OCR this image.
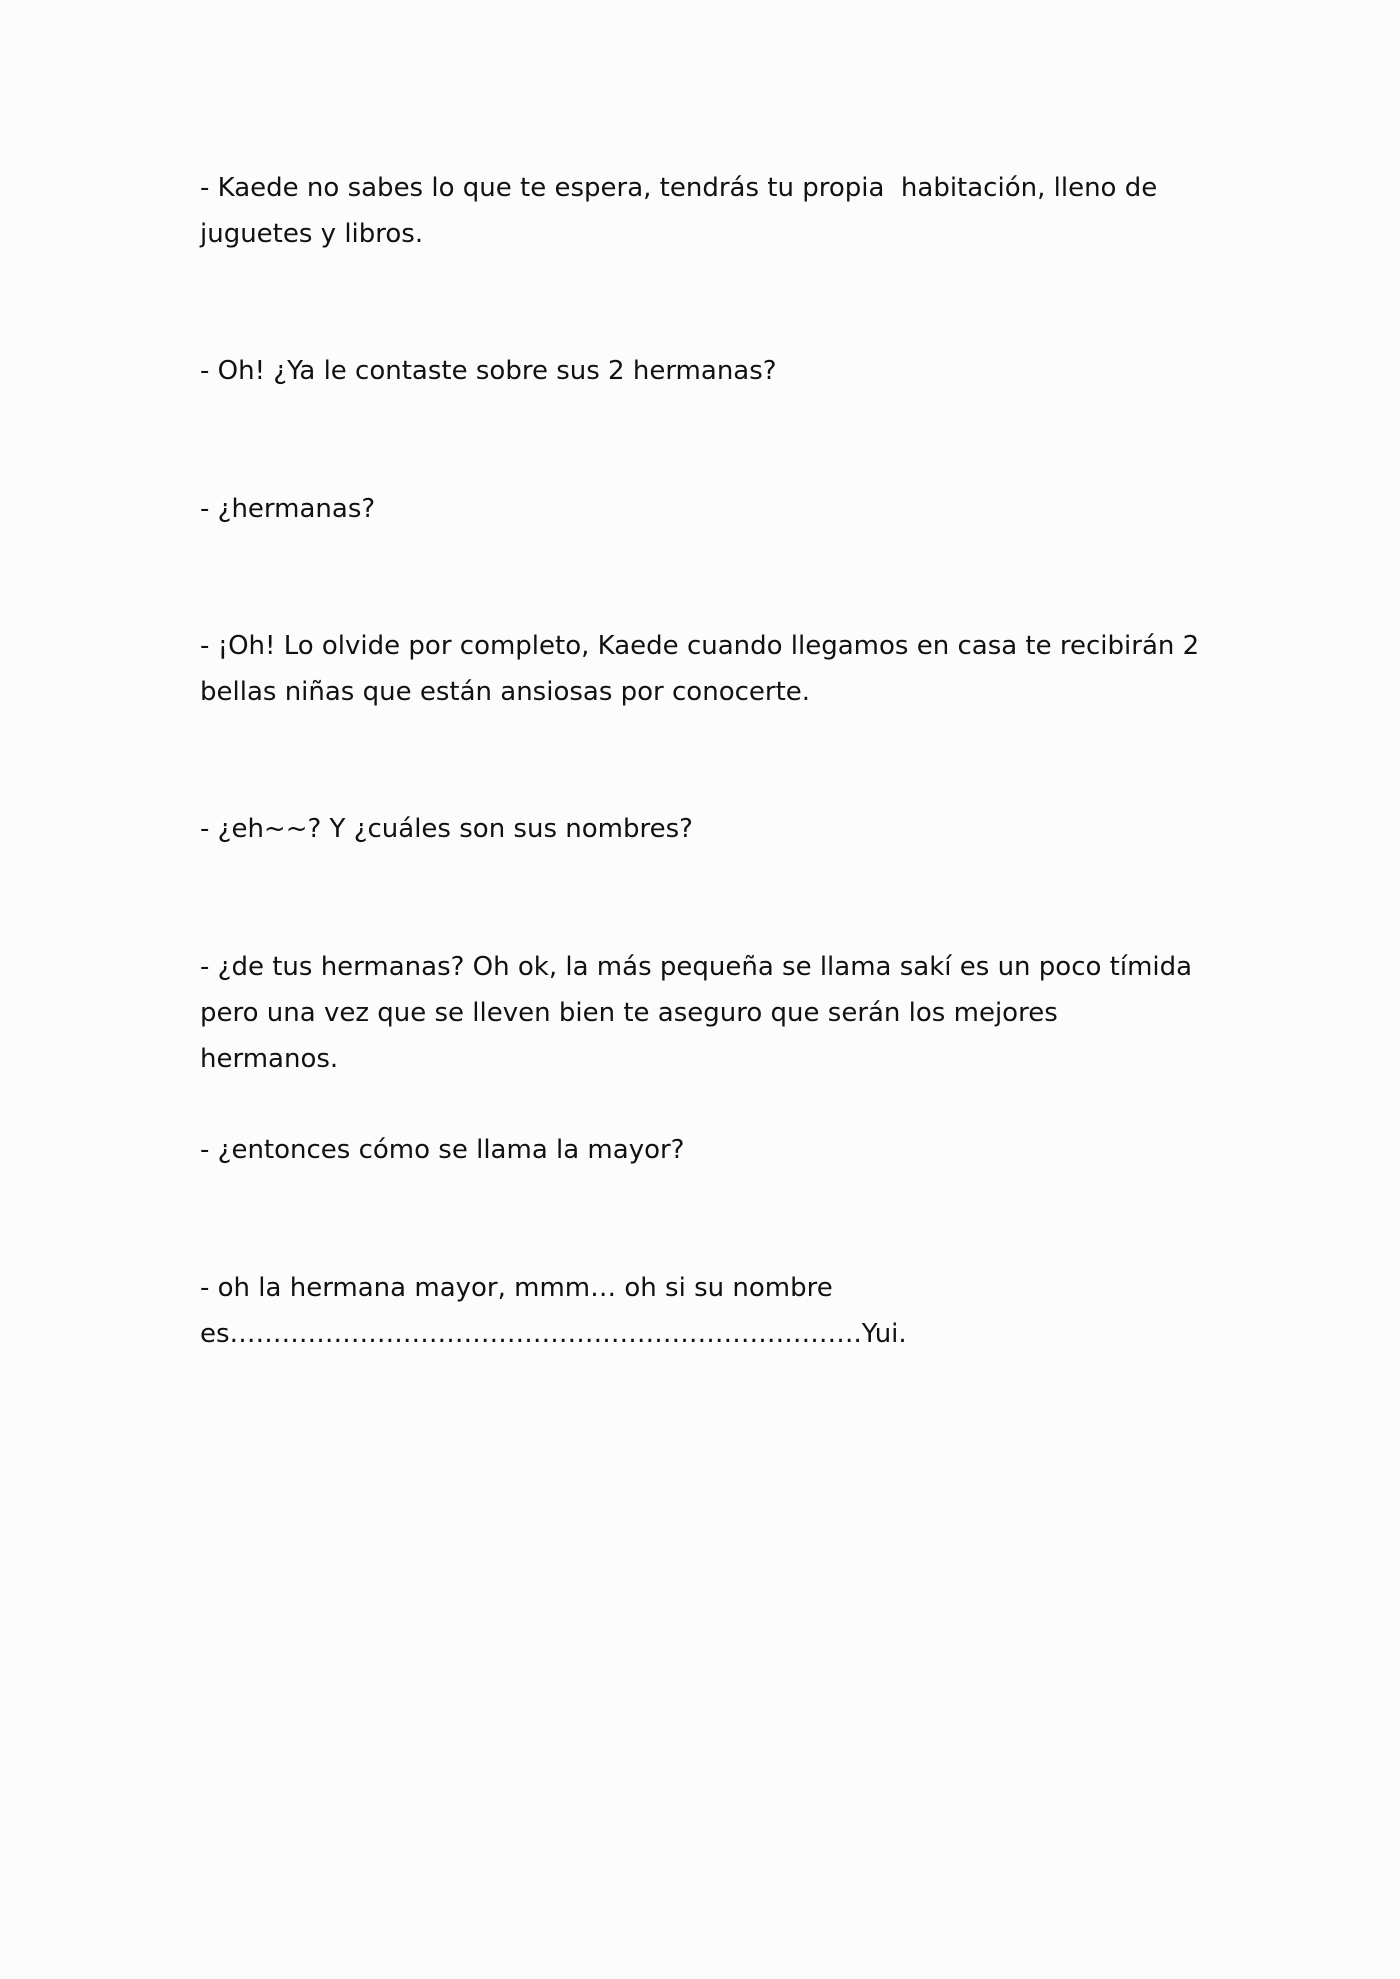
- Kaede no sabes lo que te espera, tendrás tu propia  habitación, lleno de
juguetes y libros.

- Oh! ¿Ya le contaste sobre sus 2 hermanas?

- ¿hermanas?

- ¡Oh! Lo olvide por completo, Kaede cuando llegamos en casa te recibirán 2
bellas niñas que están ansiosas por conocerte.

- ¿eh~~? Y ¿cuáles son sus nombres?

- ¿de tus hermanas? Oh ok, la más pequeña se llama sakí es un poco tímida
pero una vez que se lleven bien te aseguro que serán los mejores hermanos.

- ¿entonces cómo se llama la mayor?

- oh la hermana mayor, mmm… oh si su nombre
es……………………………………………………………….Yui.
